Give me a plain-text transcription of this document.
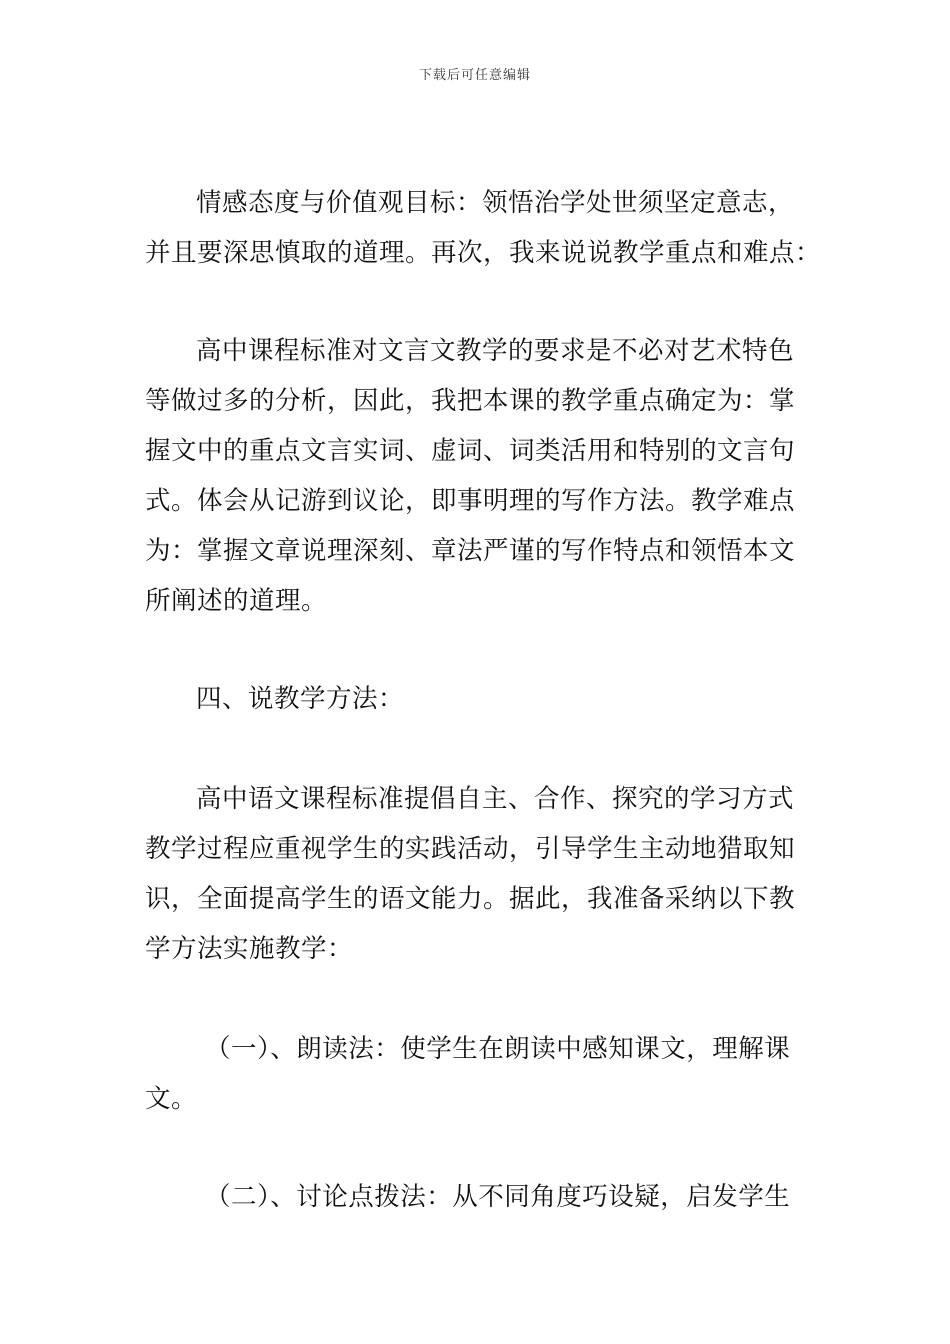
下载后可任意编辑
情感态度与价值观目标：领悟治学处世须坚定意志，
并且要深思慎取的道理。再次，我来说说教学重点和难点：
高中课程标准对文言文教学的要求是不必对艺术特色
等做过多的分析，因此，我把本课的教学重点确定为：掌
握文中的重点文言实词、虚词、词类活用和特别的文言句
式。体会从记游到议论，即事明理的写作方法。教学难点
为：掌握文章说理深刻、章法严谨的写作特点和领悟本文
所阐述的道理。
四、说教学方法：
高中语文课程标准提倡自主、合作、探究的学习方式
教学过程应重视学生的实践活动，引导学生主动地猎取知
识，全面提高学生的语文能力。据此，我准备采纳以下教
学方法实施教学：
（一）、朗读法：使学生在朗读中感知课文，理解课
文。
（二）、讨论点拨法：从不同角度巧设疑，启发学生
